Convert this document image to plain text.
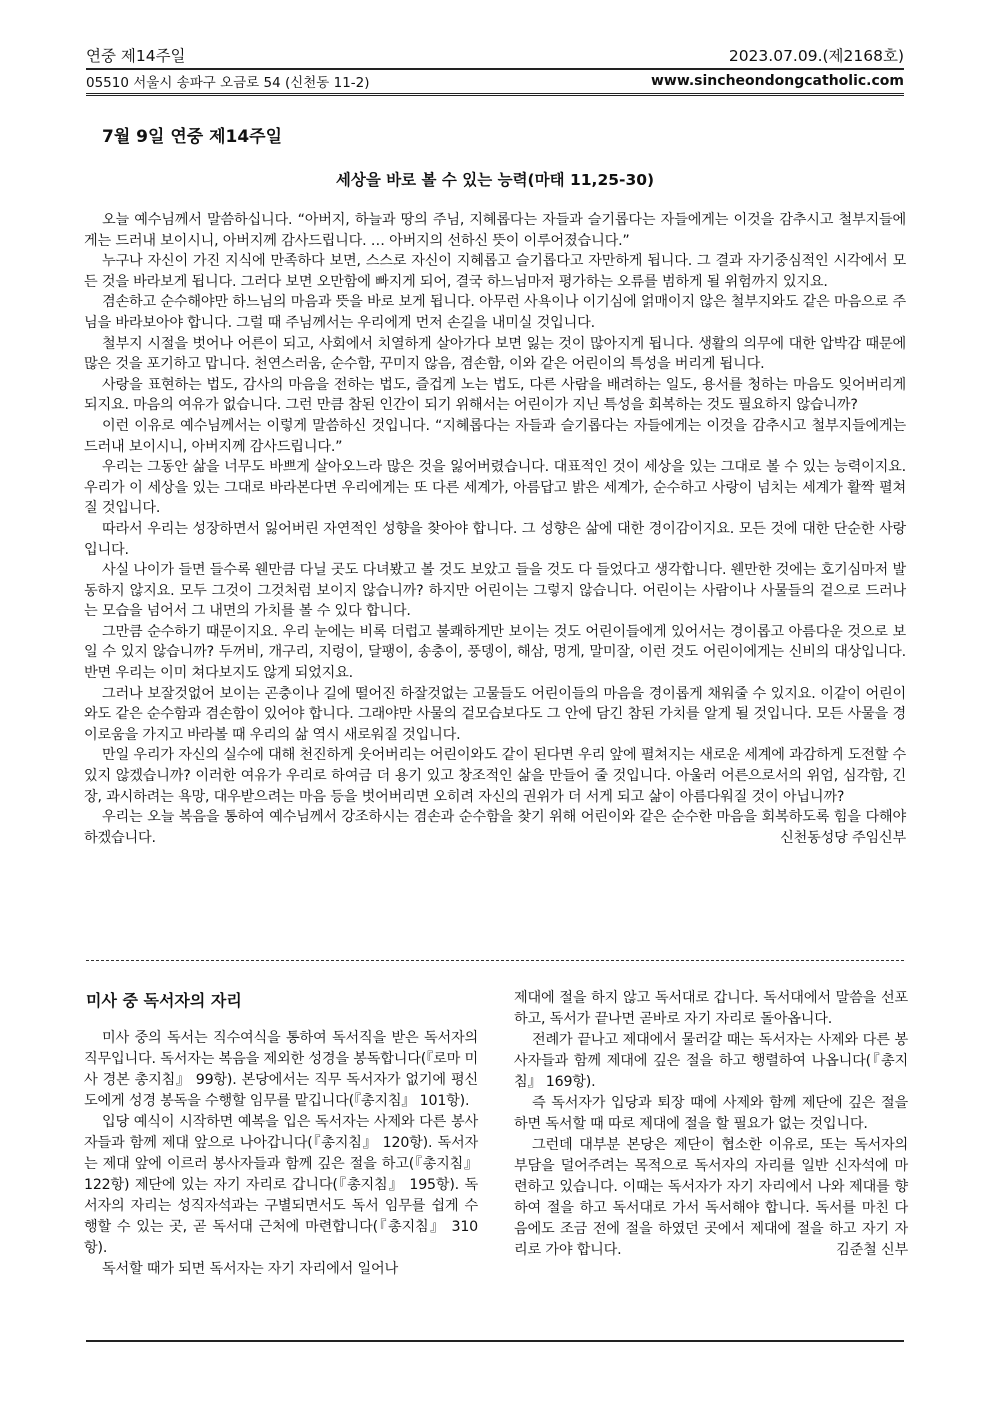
연중 제14주일	2023.07.09.(제2168호)
05510 서울시 송파구 오금로 54 (신천동 11-2)	www.sincheondongcatholic.com
7월 9일 연중 제14주일
세상을 바로 볼 수 있는 능력(마태 11,25-30)

오늘 예수님께서 말씀하십니다. “아버지, 하늘과 땅의 주님, 지혜롭다는 자들과 슬기롭다는 자들에게는 이것을 감추시고 철부지들에게는 드러내 보이시니, 아버지께 감사드립니다. … 아버지의 선하신 뜻이 이루어졌습니다.”

누구나 자신이 가진 지식에 만족하다 보면, 스스로 자신이 지혜롭고 슬기롭다고 자만하게 됩니다. 그 결과 자기중심적인 시각에서 모든 것을 바라보게 됩니다. 그러다 보면 오만함에 빠지게 되어, 결국 하느님마저 평가하는 오류를 범하게 될 위험까지 있지요.

겸손하고 순수해야만 하느님의 마음과 뜻을 바로 보게 됩니다. 아무런 사욕이나 이기심에 얽매이지 않은 철부지와도 같은 마음으로 주님을 바라보아야 합니다. 그럴 때 주님께서는 우리에게 먼저 손길을 내미실 것입니다.

철부지 시절을 벗어나 어른이 되고, 사회에서 치열하게 살아가다 보면 잃는 것이 많아지게 됩니다. 생활의 의무에 대한 압박감 때문에 많은 것을 포기하고 맙니다. 천연스러움, 순수함, 꾸미지 않음, 겸손함, 이와 같은 어린이의 특성을 버리게 됩니다.

사랑을 표현하는 법도, 감사의 마음을 전하는 법도, 즐겁게 노는 법도, 다른 사람을 배려하는 일도, 용서를 청하는 마음도 잊어버리게 되지요. 마음의 여유가 없습니다. 그런 만큼 참된 인간이 되기 위해서는 어린이가 지닌 특성을 회복하는 것도 필요하지 않습니까?

이런 이유로 예수님께서는 이렇게 말씀하신 것입니다. “지혜롭다는 자들과 슬기롭다는 자들에게는 이것을 감추시고 철부지들에게는 드러내 보이시니, 아버지께 감사드립니다.”

우리는 그동안 삶을 너무도 바쁘게 살아오느라 많은 것을 잃어버렸습니다. 대표적인 것이 세상을 있는 그대로 볼 수 있는 능력이지요. 우리가 이 세상을 있는 그대로 바라본다면 우리에게는 또 다른 세계가, 아름답고 밝은 세계가, 순수하고 사랑이 넘치는 세계가 활짝 펼쳐질 것입니다.

따라서 우리는 성장하면서 잃어버린 자연적인 성향을 찾아야 합니다. 그 성향은 삶에 대한 경이감이지요. 모든 것에 대한 단순한 사랑입니다.

사실 나이가 들면 들수록 웬만큼 다닐 곳도 다녀봤고 볼 것도 보았고 들을 것도 다 들었다고 생각합니다. 웬만한 것에는 호기심마저 발동하지 않지요. 모두 그것이 그것처럼 보이지 않습니까? 하지만 어린이는 그렇지 않습니다. 어린이는 사람이나 사물들의 겉으로 드러나는 모습을 넘어서 그 내면의 가치를 볼 수 있다 합니다.

그만큼 순수하기 때문이지요. 우리 눈에는 비록 더럽고 불쾌하게만 보이는 것도 어린이들에게 있어서는 경이롭고 아름다운 것으로 보일 수 있지 않습니까? 두꺼비, 개구리, 지렁이, 달팽이, 송충이, 풍뎅이, 해삼, 멍게, 말미잘, 이런 것도 어린이에게는 신비의 대상입니다. 반면 우리는 이미 쳐다보지도 않게 되었지요.

그러나 보잘것없어 보이는 곤충이나 길에 떨어진 하잘것없는 고물들도 어린이들의 마음을 경이롭게 채워줄 수 있지요. 이같이 어린이와도 같은 순수함과 겸손함이 있어야 합니다. 그래야만 사물의 겉모습보다도 그 안에 담긴 참된 가치를 알게 될 것입니다. 모든 사물을 경이로움을 가지고 바라볼 때 우리의 삶 역시 새로워질 것입니다.

만일 우리가 자신의 실수에 대해 천진하게 웃어버리는 어린이와도 같이 된다면 우리 앞에 펼쳐지는 새로운 세계에 과감하게 도전할 수 있지 않겠습니까? 이러한 여유가 우리로 하여금 더 용기 있고 창조적인 삶을 만들어 줄 것입니다. 아울러 어른으로서의 위엄, 심각함, 긴장, 과시하려는 욕망, 대우받으려는 마음 등을 벗어버리면 오히려 자신의 권위가 더 서게 되고 삶이 아름다워질 것이 아닙니까?

우리는 오늘 복음을 통하여 예수님께서 강조하시는 겸손과 순수함을 찾기 위해 어린이와 같은 순수한 마음을 회복하도록 힘을 다해야 하겠습니다.	신천동성당 주임신부
미사 중 독서자의 자리

미사 중의 독서는 직수여식을 통하여 독서직을 받은 독서자의 직무입니다. 독서자는 복음을 제외한 성경을 봉독합니다(『로마 미사 경본 총지침』 99항). 본당에서는 직무 독서자가 없기에 평신도에게 성경 봉독을 수행할 임무를 맡깁니다(『총지침』 101항).

입당 예식이 시작하면 예복을 입은 독서자는 사제와 다른 봉사자들과 함께 제대 앞으로 나아갑니다(『총지침』 120항). 독서자는 제대 앞에 이르러 봉사자들과 함께 깊은 절을 하고(『총지침』 122항) 제단에 있는 자기 자리로 갑니다(『총지침』 195항). 독서자의 자리는 성직자석과는 구별되면서도 독서 임무를 쉽게 수행할 수 있는 곳, 곧 독서대 근처에 마련합니다(『총지침』 310항).

독서할 때가 되면 독서자는 자기 자리에서 일어나

제대에 절을 하지 않고 독서대로 갑니다. 독서대에서 말씀을 선포하고, 독서가 끝나면 곧바로 자기 자리로 돌아옵니다.

전례가 끝나고 제대에서 물러갈 때는 독서자는 사제와 다른 봉사자들과 함께 제대에 깊은 절을 하고 행렬하여 나옵니다(『총지침』 169항).

즉 독서자가 입당과 퇴장 때에 사제와 함께 제단에 깊은 절을 하면 독서할 때 따로 제대에 절을 할 필요가 없는 것입니다.

그런데 대부분 본당은 제단이 협소한 이유로, 또는 독서자의 부담을 덜어주려는 목적으로 독서자의 자리를 일반 신자석에 마련하고 있습니다. 이때는 독서자가 자기 자리에서 나와 제대를 향하여 절을 하고 독서대로 가서 독서해야 합니다. 독서를 마친 다음에도 조금 전에 절을 하였던 곳에서 제대에 절을 하고 자기 자리로 가야 합니다.	김준철 신부
